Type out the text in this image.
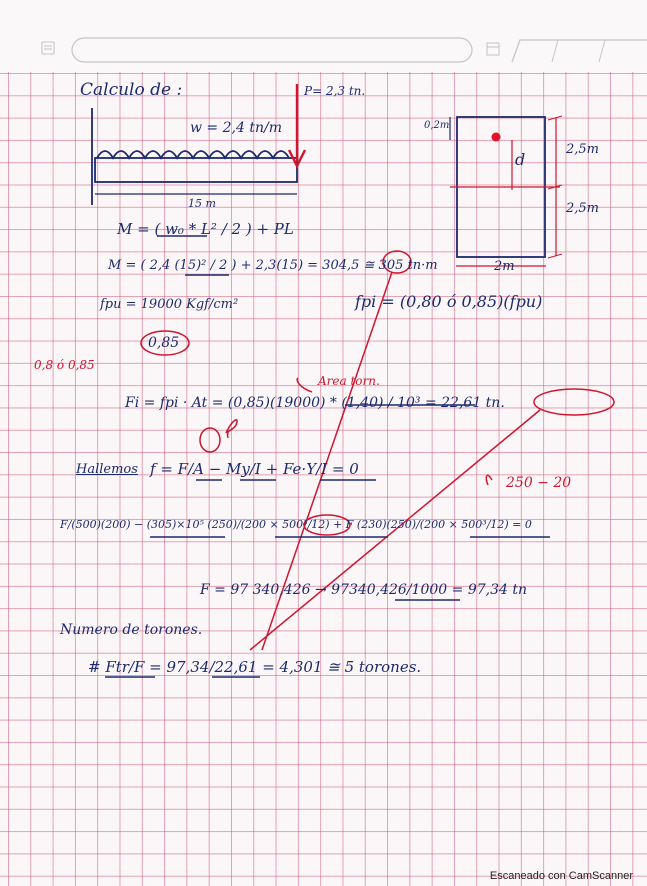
Calculo de :	P= 2,3 tn.
w = 2,4 tn/m
15 m
0,2m
d
2,5m
2,5m
2m
M = ( w₀ * L² / 2 ) + PL
M = ( 2,4 (15)² / 2 ) + 2,3(15) = 304,5 ≅ 305 tn·m
fpu = 19000 Kgf/cm²	fpi = (0,80 ó 0,85)(fpu)
0,85
0,8 ó 0,85
Area torn.
Fi = fpi · At = (0,85)(19000) * (1,40) / 10³ = 22,61 tn.
Hallemos f = F/A − My/I + Fe·Y/I = 0
250 − 20
F/(500)(200) − (305)×10⁵ (250)/(200 × 500³/12) + F (230)(250)/(200 × 500³/12) = 0
F = 97 340,426 → 97340,426/1000 = 97,34 tn
Numero de torones.
# Ftr/F = 97,34/22,61 = 4,301 ≅ 5 torones.
Escaneado con CamScanner
